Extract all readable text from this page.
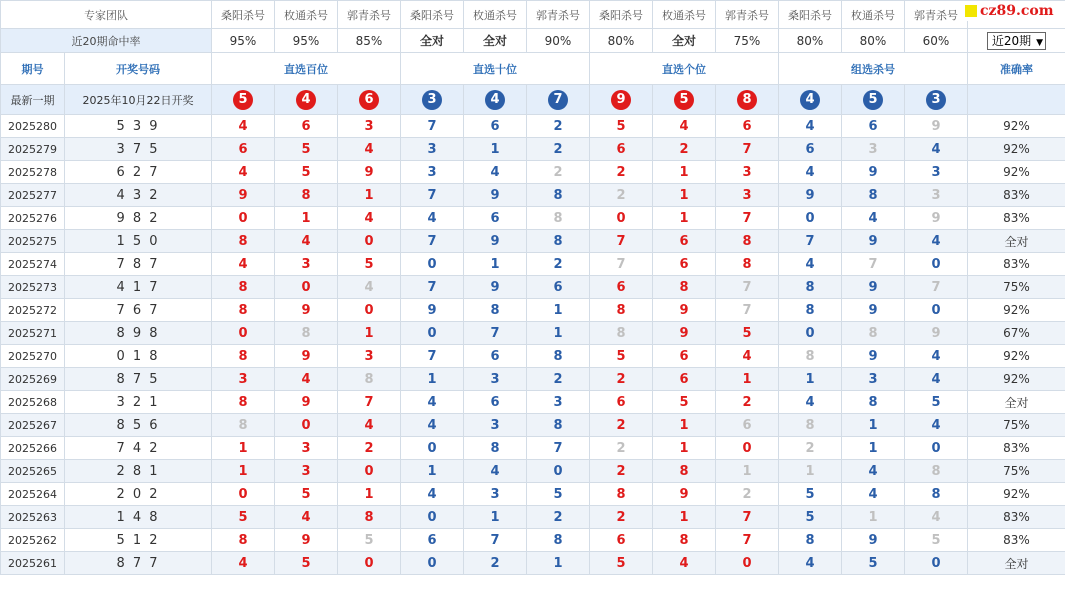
专家团队		桑阳杀号	枚通杀号	郭青杀号	桑阳杀号	枚通杀号	郭青杀号	桑阳杀号	枚通杀号	郭青杀号	桑阳杀号	枚通杀号	郭青杀号	
近20期命中率		95%	95%	85%	全对	全对	90%	80%	全对	75%	80%	80%	60%	近20期 ▼
期号	开奖号码	直选百位			直选十位			直选个位			组选杀号			准确率
最新一期	2025年10月22日开奖	5	4	6	3	4	7	9	5	8	4	5	3	
2025280	5 3 9	4	6	3	7	6	2	5	4	6	4	6	9	92%
2025279	3 7 5	6	5	4	3	1	2	6	2	7	6	3	4	92%
2025278	6 2 7	4	5	9	3	4	2	2	1	3	4	9	3	92%
2025277	4 3 2	9	8	1	7	9	8	2	1	3	9	8	3	83%
2025276	9 8 2	0	1	4	4	6	8	0	1	7	0	4	9	83%
2025275	1 5 0	8	4	0	7	9	8	7	6	8	7	9	4	全对
2025274	7 8 7	4	3	5	0	1	2	7	6	8	4	7	0	83%
2025273	4 1 7	8	0	4	7	9	6	6	8	7	8	9	7	75%
2025272	7 6 7	8	9	0	9	8	1	8	9	7	8	9	0	92%
2025271	8 9 8	0	8	1	0	7	1	8	9	5	0	8	9	67%
2025270	0 1 8	8	9	3	7	6	8	5	6	4	8	9	4	92%
2025269	8 7 5	3	4	8	1	3	2	2	6	1	1	3	4	92%
2025268	3 2 1	8	9	7	4	6	3	6	5	2	4	8	5	全对
2025267	8 5 6	8	0	4	4	3	8	2	1	6	8	1	4	75%
2025266	7 4 2	1	3	2	0	8	7	2	1	0	2	1	0	83%
2025265	2 8 1	1	3	0	1	4	0	2	8	1	1	4	8	75%
2025264	2 0 2	0	5	1	4	3	5	8	9	2	5	4	8	92%
2025263	1 4 8	5	4	8	0	1	2	2	1	7	5	1	4	83%
2025262	5 1 2	8	9	5	6	7	8	6	8	7	8	9	5	83%
2025261	8 7 7	4	5	0	0	2	1	5	4	0	4	5	0	全对
cz89.com
